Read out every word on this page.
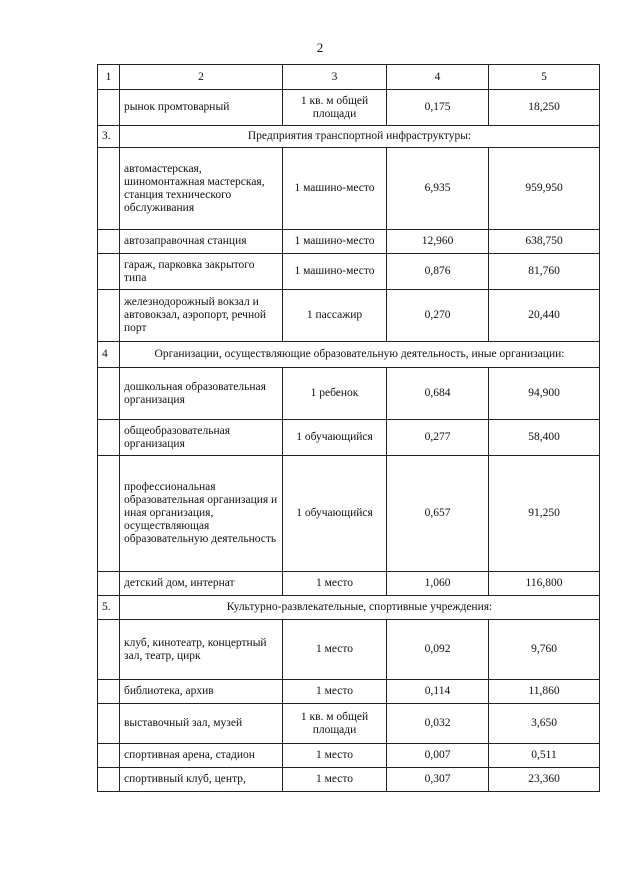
2
1	2	3	4	5
	рынок промтоварный	1 кв. м общей площади	0,175	18,250
3.	Предприятия транспортной инфраструктуры:			
	автомастерская, шиномонтажная мастерская, станция технического обслуживания	1 машино-место	6,935	959,950
	автозаправочная станция	1 машино-место	12,960	638,750
	гараж, парковка закрытого типа	1 машино-место	0,876	81,760
	железнодорожный вокзал и автовокзал, аэропорт, речной порт	1 пассажир	0,270	20,440
4	Организации, осуществляющие образовательную деятельность, иные организации:			
	дошкольная образовательная организация	1 ребенок	0,684	94,900
	общеобразовательная организация	1 обучающийся	0,277	58,400
	профессиональная образовательная организация и иная организация, осуществляющая образовательную деятельность	1 обучающийся	0,657	91,250
	детский дом, интернат	1 место	1,060	116,800
5.	Культурно-развлекательные, спортивные учреждения:			
	клуб, кинотеатр, концертный зал, театр, цирк	1 место	0,092	9,760
	библиотека, архив	1 место	0,114	11,860
	выставочный зал, музей	1 кв. м общей площади	0,032	3,650
	спортивная арена, стадион	1 место	0,007	0,511
	спортивный клуб, центр,	1 место	0,307	23,360
